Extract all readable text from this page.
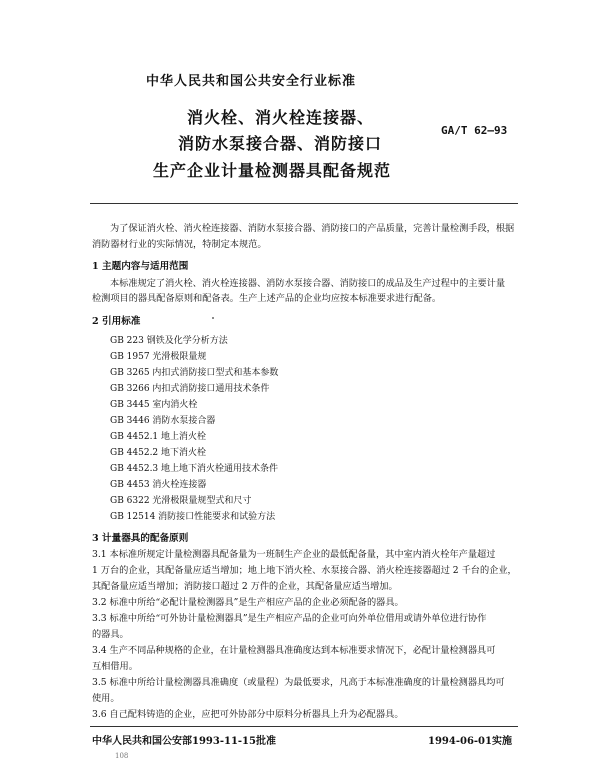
中华人民共和国公共安全行业标准
消火栓、消火栓连接器、
消防水泵接合器、消防接口
生产企业计量检测器具配备规范
GA/T 62—93
为了保证消火栓、消火栓连接器、消防水泵接合器、消防接口的产品质量，完善计量检测手段，根据
消防器材行业的实际情况，特制定本规范。
1 主题内容与适用范围
本标准规定了消火栓、消火栓连接器、消防水泵接合器、消防接口的成品及生产过程中的主要计量
检测项目的器具配备原则和配备表。生产上述产品的企业均应按本标准要求进行配备。
2 引用标准
GB 223 钢铁及化学分析方法
GB 1957 光滑极限量规
GB 3265 内扣式消防接口型式和基本参数
GB 3266 内扣式消防接口通用技术条件
GB 3445 室内消火栓
GB 3446 消防水泵接合器
GB 4452.1 地上消火栓
GB 4452.2 地下消火栓
GB 4452.3 地上地下消火栓通用技术条件
GB 4453 消火栓连接器
GB 6322 光滑极限量规型式和尺寸
GB 12514 消防接口性能要求和试验方法
3 计量器具的配备原则
3.1 本标准所规定计量检测器具配备量为一班制生产企业的最低配备量，其中室内消火栓年产量超过
1 万台的企业，其配备量应适当增加；地上地下消火栓、水泵接合器、消火栓连接器超过 2 千台的企业，
其配备量应适当增加；消防接口超过 2 万件的企业，其配备量应适当增加。
3.2 标准中所给“必配计量检测器具”是生产相应产品的企业必须配备的器具。
3.3 标准中所给“可外协计量检测器具”是生产相应产品的企业可向外单位借用或请外单位进行协作
的器具。
3.4 生产不同品种规格的企业，在计量检测器具准确度达到本标准要求情况下，必配计量检测器具可
互相借用。
3.5 标准中所给计量检测器具准确度（或量程）为最低要求，凡高于本标准准确度的计量检测器具均可
使用。
3.6 自己配料铸造的企业，应把可外协部分中原料分析器具上升为必配器具。
中华人民共和国公安部1993-11-15批准	1994-06-01实施
108
